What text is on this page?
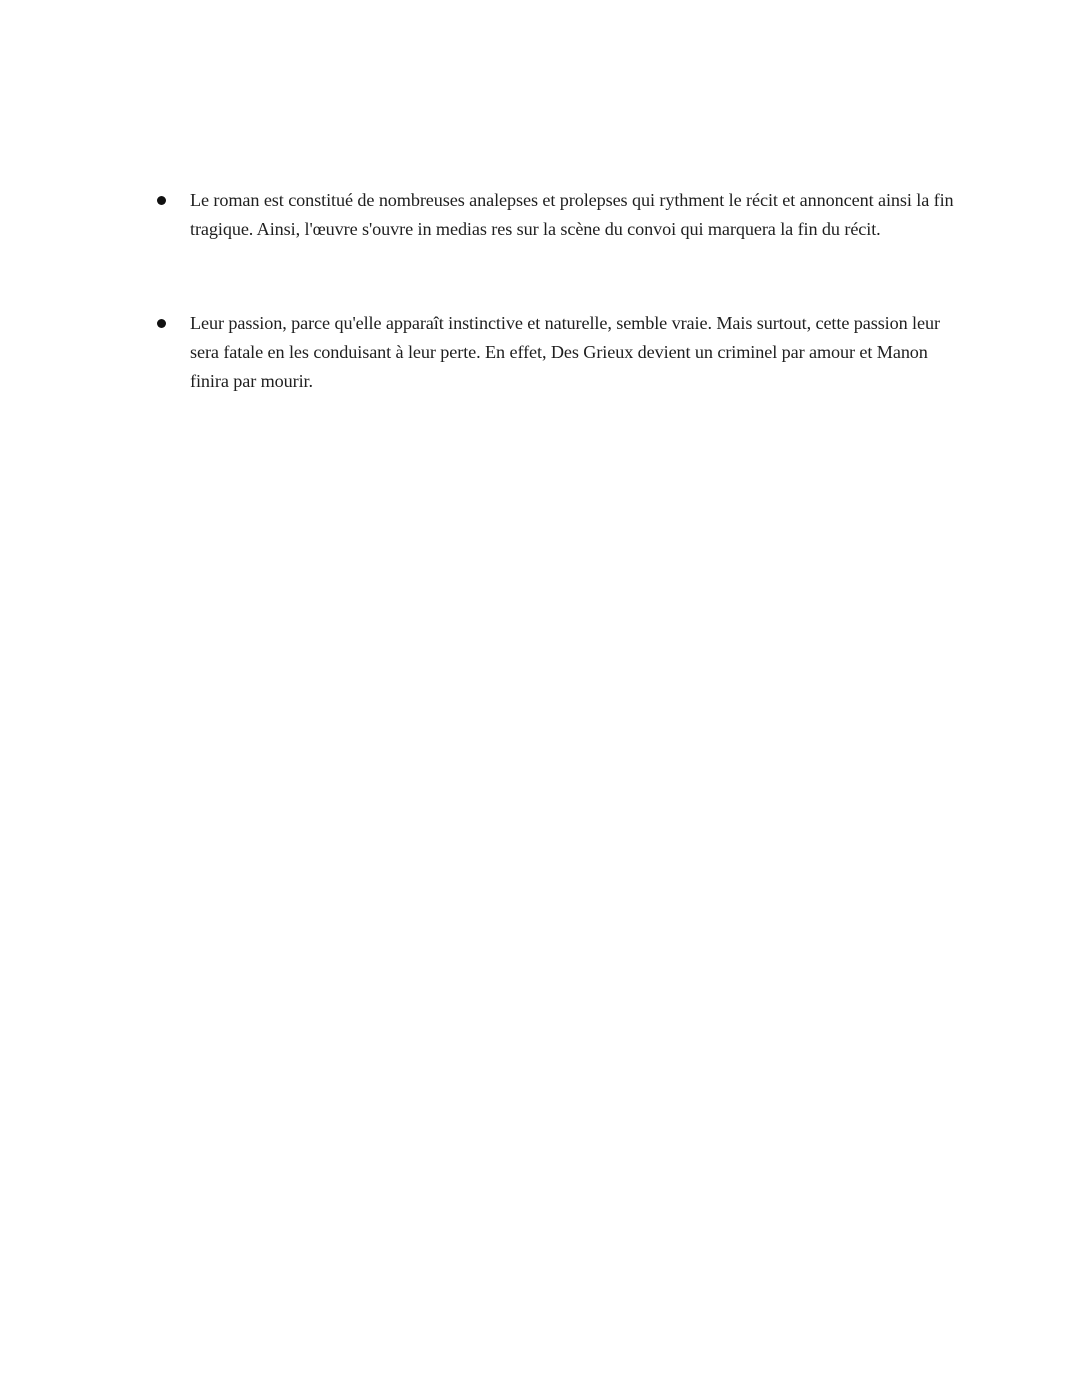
Le roman est constitué de nombreuses analepses et prolepses qui rythment le récit et annoncent ainsi la fin tragique. Ainsi, l'œuvre s'ouvre in medias res sur la scène du convoi qui marquera la fin du récit.

Leur passion, parce qu'elle apparaît instinctive et naturelle, semble vraie. Mais surtout, cette passion leur sera fatale en les conduisant à leur perte. En effet, Des Grieux devient un criminel par amour et Manon finira par mourir.
